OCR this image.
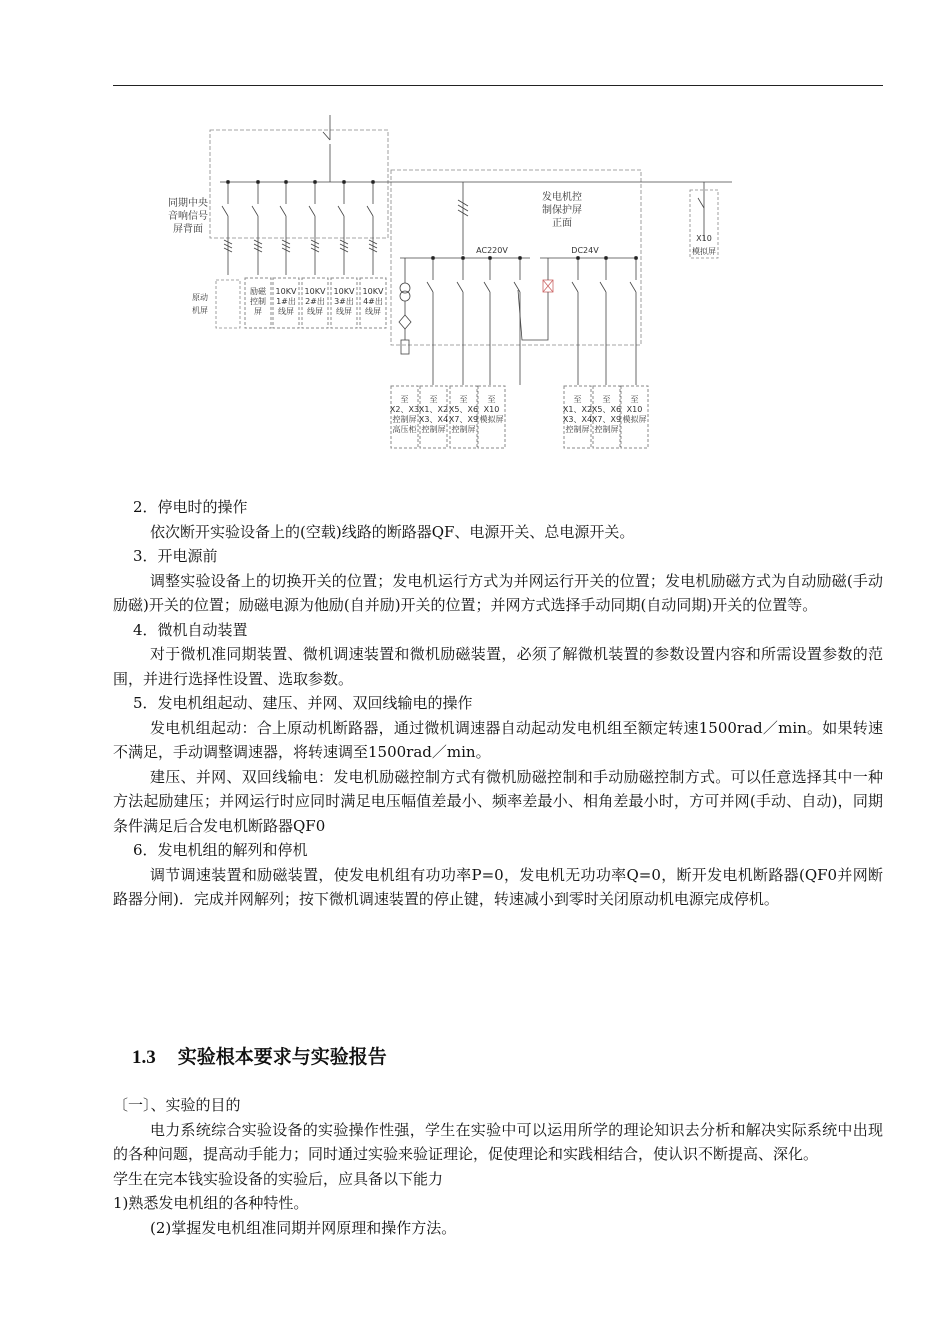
同期中央
音响信号
屏背面
发电机控
制保护屏
正面
原动
机屏
X10
模拟屏
AC220V	DC24V
励磁
控制
屏
10KV
1#出
线屏
10KV
2#出
线屏
10KV
3#出
线屏
10KV
4#出
线屏
至
X2、X3
控制屏
高压柜
至
X1、X2
X3、X4
控制屏
至
X5、X6
X7、X9
控制屏
至
X10
模拟屏
至
X1、X2
X3、X4
控制屏
至
X5、X6
X7、X9
控制屏
至
X10
模拟屏

2．停电时的操作

依次断开实验设备上的(空载)线路的断路器QF、电源开关、总电源开关。

3．开电源前

调整实验设备上的切换开关的位置；发电机运行方式为并网运行开关的位置；发电机励磁方式为自动励磁(手动励磁)开关的位置；励磁电源为他励(自并励)开关的位置；并网方式选择手动同期(自动同期)开关的位置等。

4．微机自动装置

对于微机准同期装置、微机调速装置和微机励磁装置，必须了解微机装置的参数设置内容和所需设置参数的范围，并进行选择性设置、选取参数。

5．发电机组起动、建压、并网、双回线输电的操作

发电机组起动：合上原动机断路器，通过微机调速器自动起动发电机组至额定转速1500rad／min。如果转速不满足，手动调整调速器，将转速调至1500rad／min。

建压、并网、双回线输电：发电机励磁控制方式有微机励磁控制和手动励磁控制方式。可以任意选择其中一种方法起励建压；并网运行时应同时满足电压幅值差最小、频率差最小、相角差最小时，方可并网(手动、自动)，同期条件满足后合发电机断路器QF0

6．发电机组的解列和停机

调节调速装置和励磁装置，使发电机组有功功率P=0，发电机无功功率Q=0，断开发电机断路器(QF0并网断路器分闸)．完成并网解列；按下微机调速装置的停止键，转速减小到零时关闭原动机电源完成停机。

1.3 实验根本要求与实验报告

〔一〕、实验的目的

电力系统综合实验设备的实验操作性强，学生在实验中可以运用所学的理论知识去分析和解决实际系统中出现的各种问题，提高动手能力；同时通过实验来验证理论，促使理论和实践相结合，使认识不断提高、深化。

学生在完本钱实验设备的实验后，应具备以下能力

1)熟悉发电机组的各种特性。

(2)掌握发电机组准同期并网原理和操作方法。
